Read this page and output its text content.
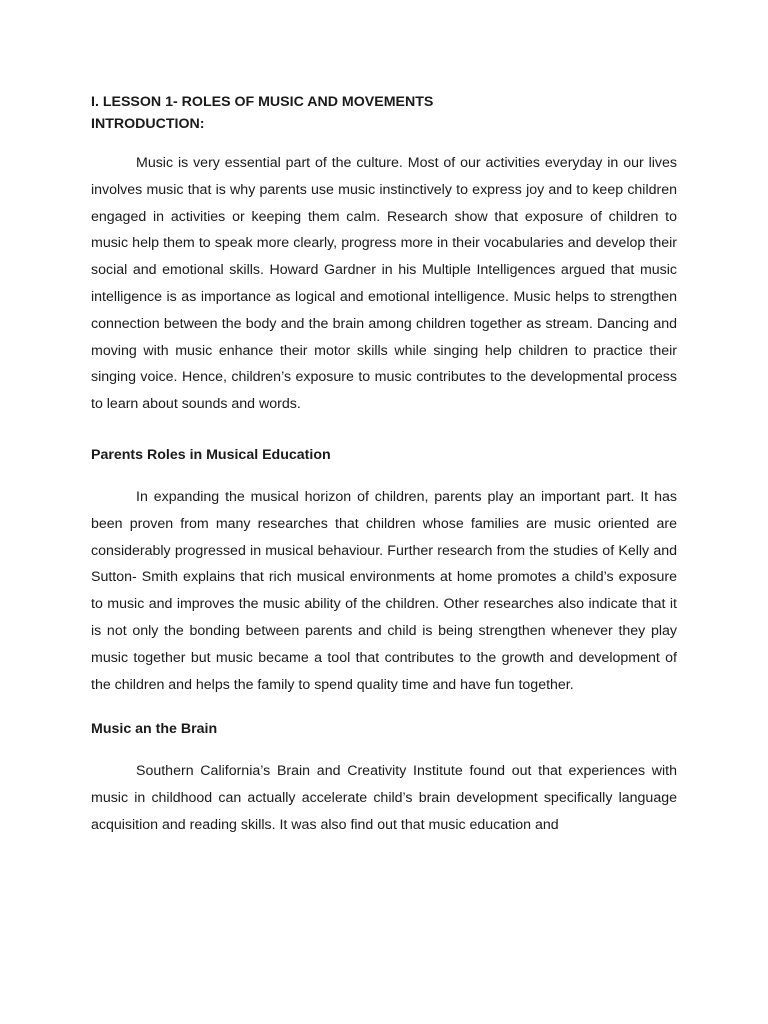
I. LESSON 1- ROLES OF MUSIC AND MOVEMENTS

INTRODUCTION:

Music is very essential part of the culture. Most of our activities everyday in our lives involves music that is why parents use music instinctively to express joy and to keep children engaged in activities or keeping them calm. Research show that exposure of children to music help them to speak more clearly, progress more in their vocabularies and develop their social and emotional skills. Howard Gardner in his Multiple Intelligences argued that music intelligence is as importance as logical and emotional intelligence. Music helps to strengthen connection between the body and the brain among children together as stream. Dancing and moving with music enhance their motor skills while singing help children to practice their singing voice. Hence, children’s exposure to music contributes to the developmental process to learn about sounds and words.

Parents Roles in Musical Education

In expanding the musical horizon of children, parents play an important part. It has been proven from many researches that children whose families are music oriented are considerably progressed in musical behaviour. Further research from the studies of Kelly and Sutton- Smith explains that rich musical environments at home promotes a child’s exposure to music and improves the music ability of the children. Other researches also indicate that it is not only the bonding between parents and child is being strengthen whenever they play music together but music became a tool that contributes to the growth and development of the children and helps the family to spend quality time and have fun together.

Music an the Brain

Southern California’s Brain and Creativity Institute found out that experiences with music in childhood can actually accelerate child’s brain development specifically language acquisition and reading skills. It was also find out that music education and
